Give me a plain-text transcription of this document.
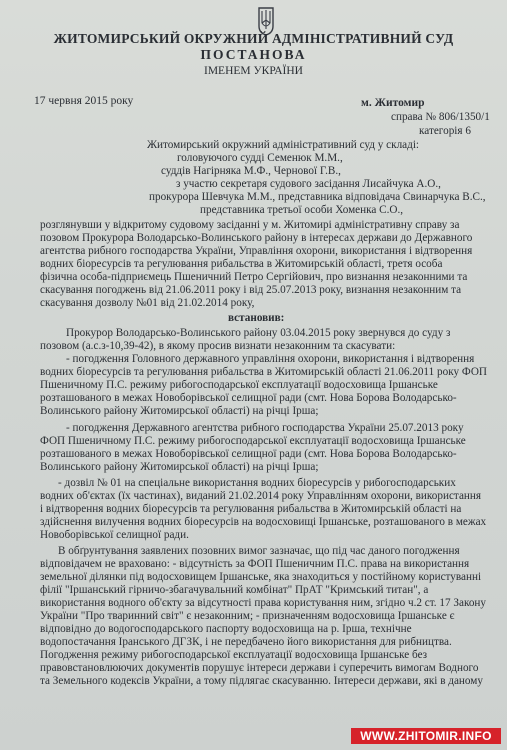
ЖИТОМИРСЬКИЙ ОКРУЖНИЙ АДМІНІСТРАТИВНИЙ СУД
ПОСТАНОВА
ІМЕНЕМ УКРАЇНИ
17 червня 2015 року	м. Житомир
справа № 806/1350/1
категорія 6
Житомирський окружний адміністративний суд у складі:
головуючого судді Семенюк М.М.,
суддів Нагірняка М.Ф., Чернової Г.В.,
з участю секретаря судового засідання Лисайчука А.О.,
прокурора Шевчука М.М., представника відповідача Свинарчука В.С.,
представника третьої особи Хоменка С.О.,
розглянувши у відкритому судовому засіданні у м. Житомирі адміністративну справу за
позовом Прокурора Володарсько-Волинського району в інтересах держави до Державного
агентства рибного господарства України, Управління охорони, використання і відтворення
водних біоресурсів та регулювання рибальства в Житомирській області, третя особа
фізична особа-підприємець Пшеничний Петро Сергійович, про визнання незаконними та
скасування погоджень від 21.06.2011 року і від 25.07.2013 року, визнання незаконним та
скасування дозволу №01 від 21.02.2014 року,
встановив:
Прокурор Володарсько-Волинського району 03.04.2015 року звернувся до суду з
позовом (а.с.з-10,39-42), в якому просив визнати незаконним та скасувати:
- погодження Головного державного управління охорони, використання і відтворення
водних біоресурсів та регулювання рибальства в Житомирській області 21.06.2011 року ФОП
Пшеничному П.С. режиму рибогосподарської експлуатації водосховища Іршанське
розташованого в межах Новоборівської селищної ради (смт. Нова Борова Володарсько-
Волинського району Житомирської області) на річці Ірша;
- погодження Державного агентства рибного господарства України 25.07.2013 року
ФОП Пшеничному П.С. режиму рибогосподарської експлуатації водосховища Іршанське
розташованого в межах Новоборівської селищної ради (смт. Нова Борова Володарсько-
Волинського району Житомирської області) на річці Ірша;
- дозвіл № 01 на спеціальне використання водних біоресурсів у рибогосподарських
водних об'єктах (їх частинах), виданий 21.02.2014 року Управлінням охорони, використання
і відтворення водних біоресурсів та регулювання рибальства в Житомирській області на
здійснення вилучення водних біоресурсів на водосховищі Іршанське, розташованого в межах
Новоборівської селищної ради.
В обґрунтування заявлених позовних вимог зазначає, що під час даного погодження
відповідачем не враховано: - відсутність за ФОП Пшеничним П.С. права на використання
земельної ділянки під водосховищем Іршанське, яка знаходиться у постійному користуванні
філії "Іршанський гірничо-збагачувальний комбінат" ПрАТ "Кримський титан", а
використання водного об'єкту за відсутності права користування ним, згідно ч.2 ст. 17 Закону
України "Про тваринний світ" є незаконним; - призначенням водосховища Іршанське є
відповідно до водогосподарського паспорту водосховища на р. Ірша, технічне
водопостачання Іранського ДГЗК, і не передбачено його використання для рибництва.
Погодження режиму рибогосподарської експлуатації водосховища Іршанське без
правовстановлюючих документів порушує інтереси держави і суперечить вимогам Водного
та Земельного кодексів України, а тому підлягає скасуванню. Інтереси держави, які в даному
WWW.ZHITOMIR.INFO
